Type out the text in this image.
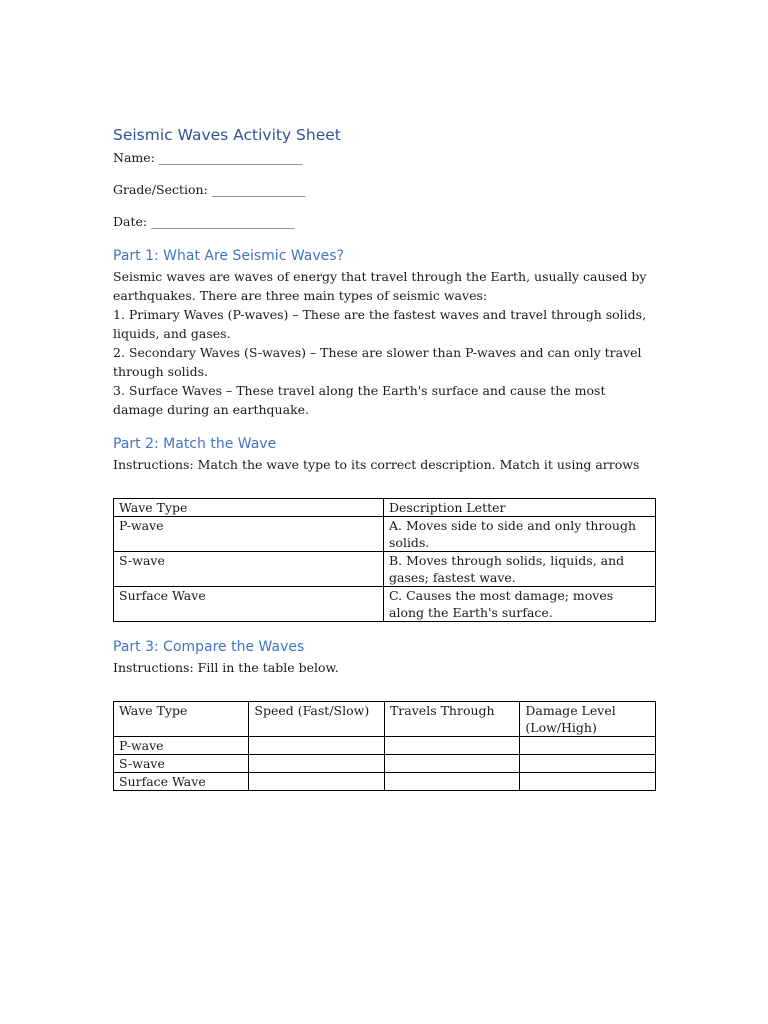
Seismic Waves Activity Sheet

Name: _______________________

Grade/Section: _______________

Date: _______________________

Part 1: What Are Seismic Waves?

Seismic waves are waves of energy that travel through the Earth, usually caused by earthquakes. There are three main types of seismic waves:

1. Primary Waves (P-waves) – These are the fastest waves and travel through solids, liquids, and gases.

2. Secondary Waves (S-waves) – These are slower than P-waves and can only travel through solids.

3. Surface Waves – These travel along the Earth's surface and cause the most damage during an earthquake.

Part 2: Match the Wave

Instructions: Match the wave type to its correct description. Match it using arrows

Wave Type	Description Letter
P-wave	A. Moves side to side and only through solids.
S-wave	B. Moves through solids, liquids, and gases; fastest wave.
Surface Wave	C. Causes the most damage; moves along the Earth's surface.
Part 3: Compare the Waves

Instructions: Fill in the table below.

Wave Type	Speed (Fast/Slow)	Travels Through	Damage Level (Low/High)
P-wave			
S-wave			
Surface Wave			
